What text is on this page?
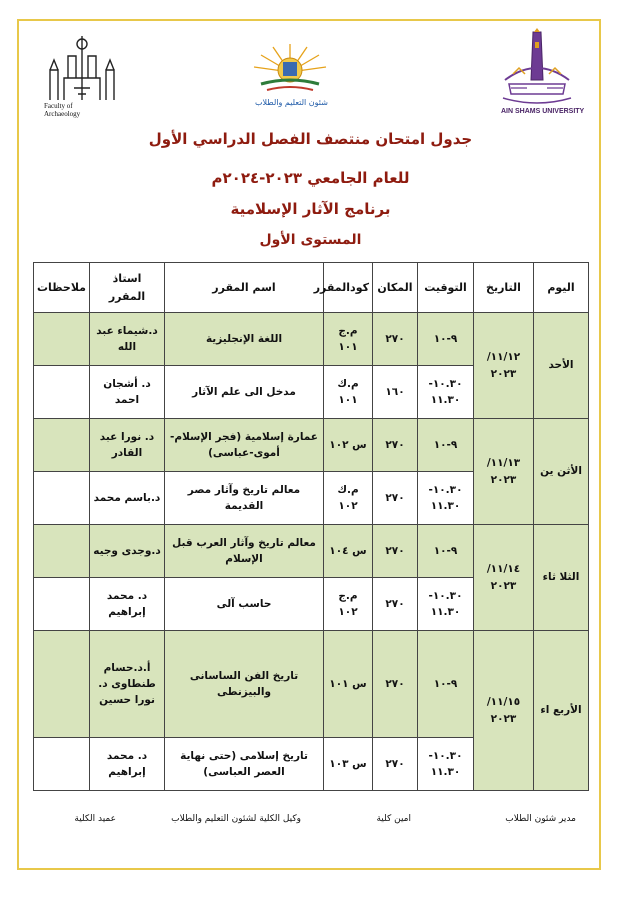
Faculty of
Archaeology
شئون التعليم والطلاب
AIN SHAMS UNIVERSITY
جدول امتحان منتصف الفصل الدراسي الأول
للعام الجامعي ٢٠٢٣-٢٠٢٤م
برنامج الآثار الإسلامية
المستوى الأول
اليوم	التاريخ	التوقيت	المكان	كودالمقرر	اسم المقرر	استاذ المقرر	ملاحظات
الأحد	١١/١٢/ ٢٠٢٣	٩-١٠	٢٧٠	م.ج ١٠١	اللغة الإنجليزية	د.شيماء عبد الله	
		١٠.٣٠- ١١.٣٠	١٦٠	م.ك ١٠١	مدخل الى علم الآثار	د. أشجان احمد	
الأثن ين	١١/١٣/ ٢٠٢٣	٩-١٠	٢٧٠	س ١٠٢	عمارة إسلامية (فجر الإسلام-أموى-عباسى)	د. نورا عبد القادر	
		١٠.٣٠- ١١.٣٠	٢٧٠	م.ك ١٠٢	معالم تاريخ وآثار مصر القديمة	د.باسم محمد	
الثلا ثاء	١١/١٤/ ٢٠٢٣	٩-١٠	٢٧٠	س ١٠٤	معالم تاريخ وآثار العرب قبل الإسلام	د.وجدى وجيه	
		١٠.٣٠- ١١.٣٠	٢٧٠	م.ج ١٠٢	حاسب آلى	د. محمد إبراهيم	
الأربع اء	١١/١٥/ ٢٠٢٣	٩-١٠	٢٧٠	س ١٠١	تاريخ الفن الساسانى والبيزنطى	أ.د.حسام طنطاوى د. نورا حسين	
		١٠.٣٠- ١١.٣٠	٢٧٠	س ١٠٣	تاريخ إسلامى (حتى نهاية العصر العباسى)	د. محمد إبراهيم	
مدير شئون الطلاب
امين كلية
وكيل الكلية لشئون التعليم والطلاب
عميد الكلية
